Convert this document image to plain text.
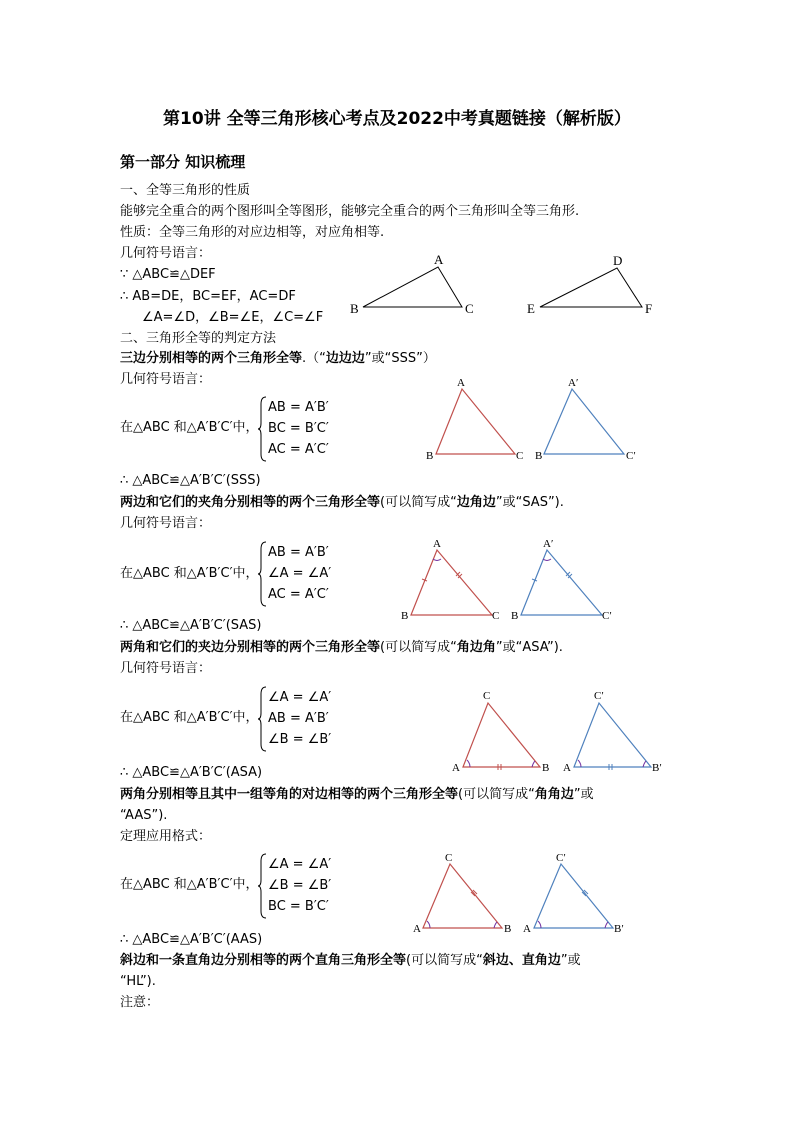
第10讲 全等三角形核心考点及2022中考真题链接（解析版）
第一部分 知识梳理
一、全等三角形的性质
能够完全重合的两个图形叫全等图形，能够完全重合的两个三角形叫全等三角形.
性质：全等三角形的对应边相等，对应角相等.
几何符号语言：
∵ △ABC≌△DEF
∴ AB=DE，BC=EF，AC=DF
∠A=∠D，∠B=∠E，∠C=∠F
A
B	C
D
E	F
二、三角形全等的判定方法
三边分别相等的两个三角形全等.（“边边边”或“SSS”）
几何符号语言：
在△ABC 和△A′B′C′中，
AB = A′B′
BC = B′C′
AC = A′C′
A
B	C
A′
B	C′
∴ △ABC≌△A′B′C′(SSS)
两边和它们的夹角分别相等的两个三角形全等(可以简写成“边角边”或“SAS”).
几何符号语言：
在△ABC 和△A′B′C′中，
AB = A′B′
∠A = ∠A′
AC = A′C′
A
B	C
A′
B	C′
∴ △ABC≌△A′B′C′(SAS)
两角和它们的夹边分别相等的两个三角形全等(可以简写成“角边角”或“ASA”).
几何符号语言：
在△ABC 和△A′B′C′中，
∠A = ∠A′
AB = A′B′
∠B = ∠B′
C
A	B
C′
A	B′
∴ △ABC≌△A′B′C′(ASA)
两角分别相等且其中一组等角的对边相等的两个三角形全等(可以简写成“角角边”或
“AAS”).
定理应用格式：
在△ABC 和△A′B′C′中，
∠A = ∠A′
∠B = ∠B′
BC = B′C′
C
A	B
C′
A	B′
∴ △ABC≌△A′B′C′(AAS)
斜边和一条直角边分别相等的两个直角三角形全等(可以简写成“斜边、直角边”或
“HL”).
注意：
